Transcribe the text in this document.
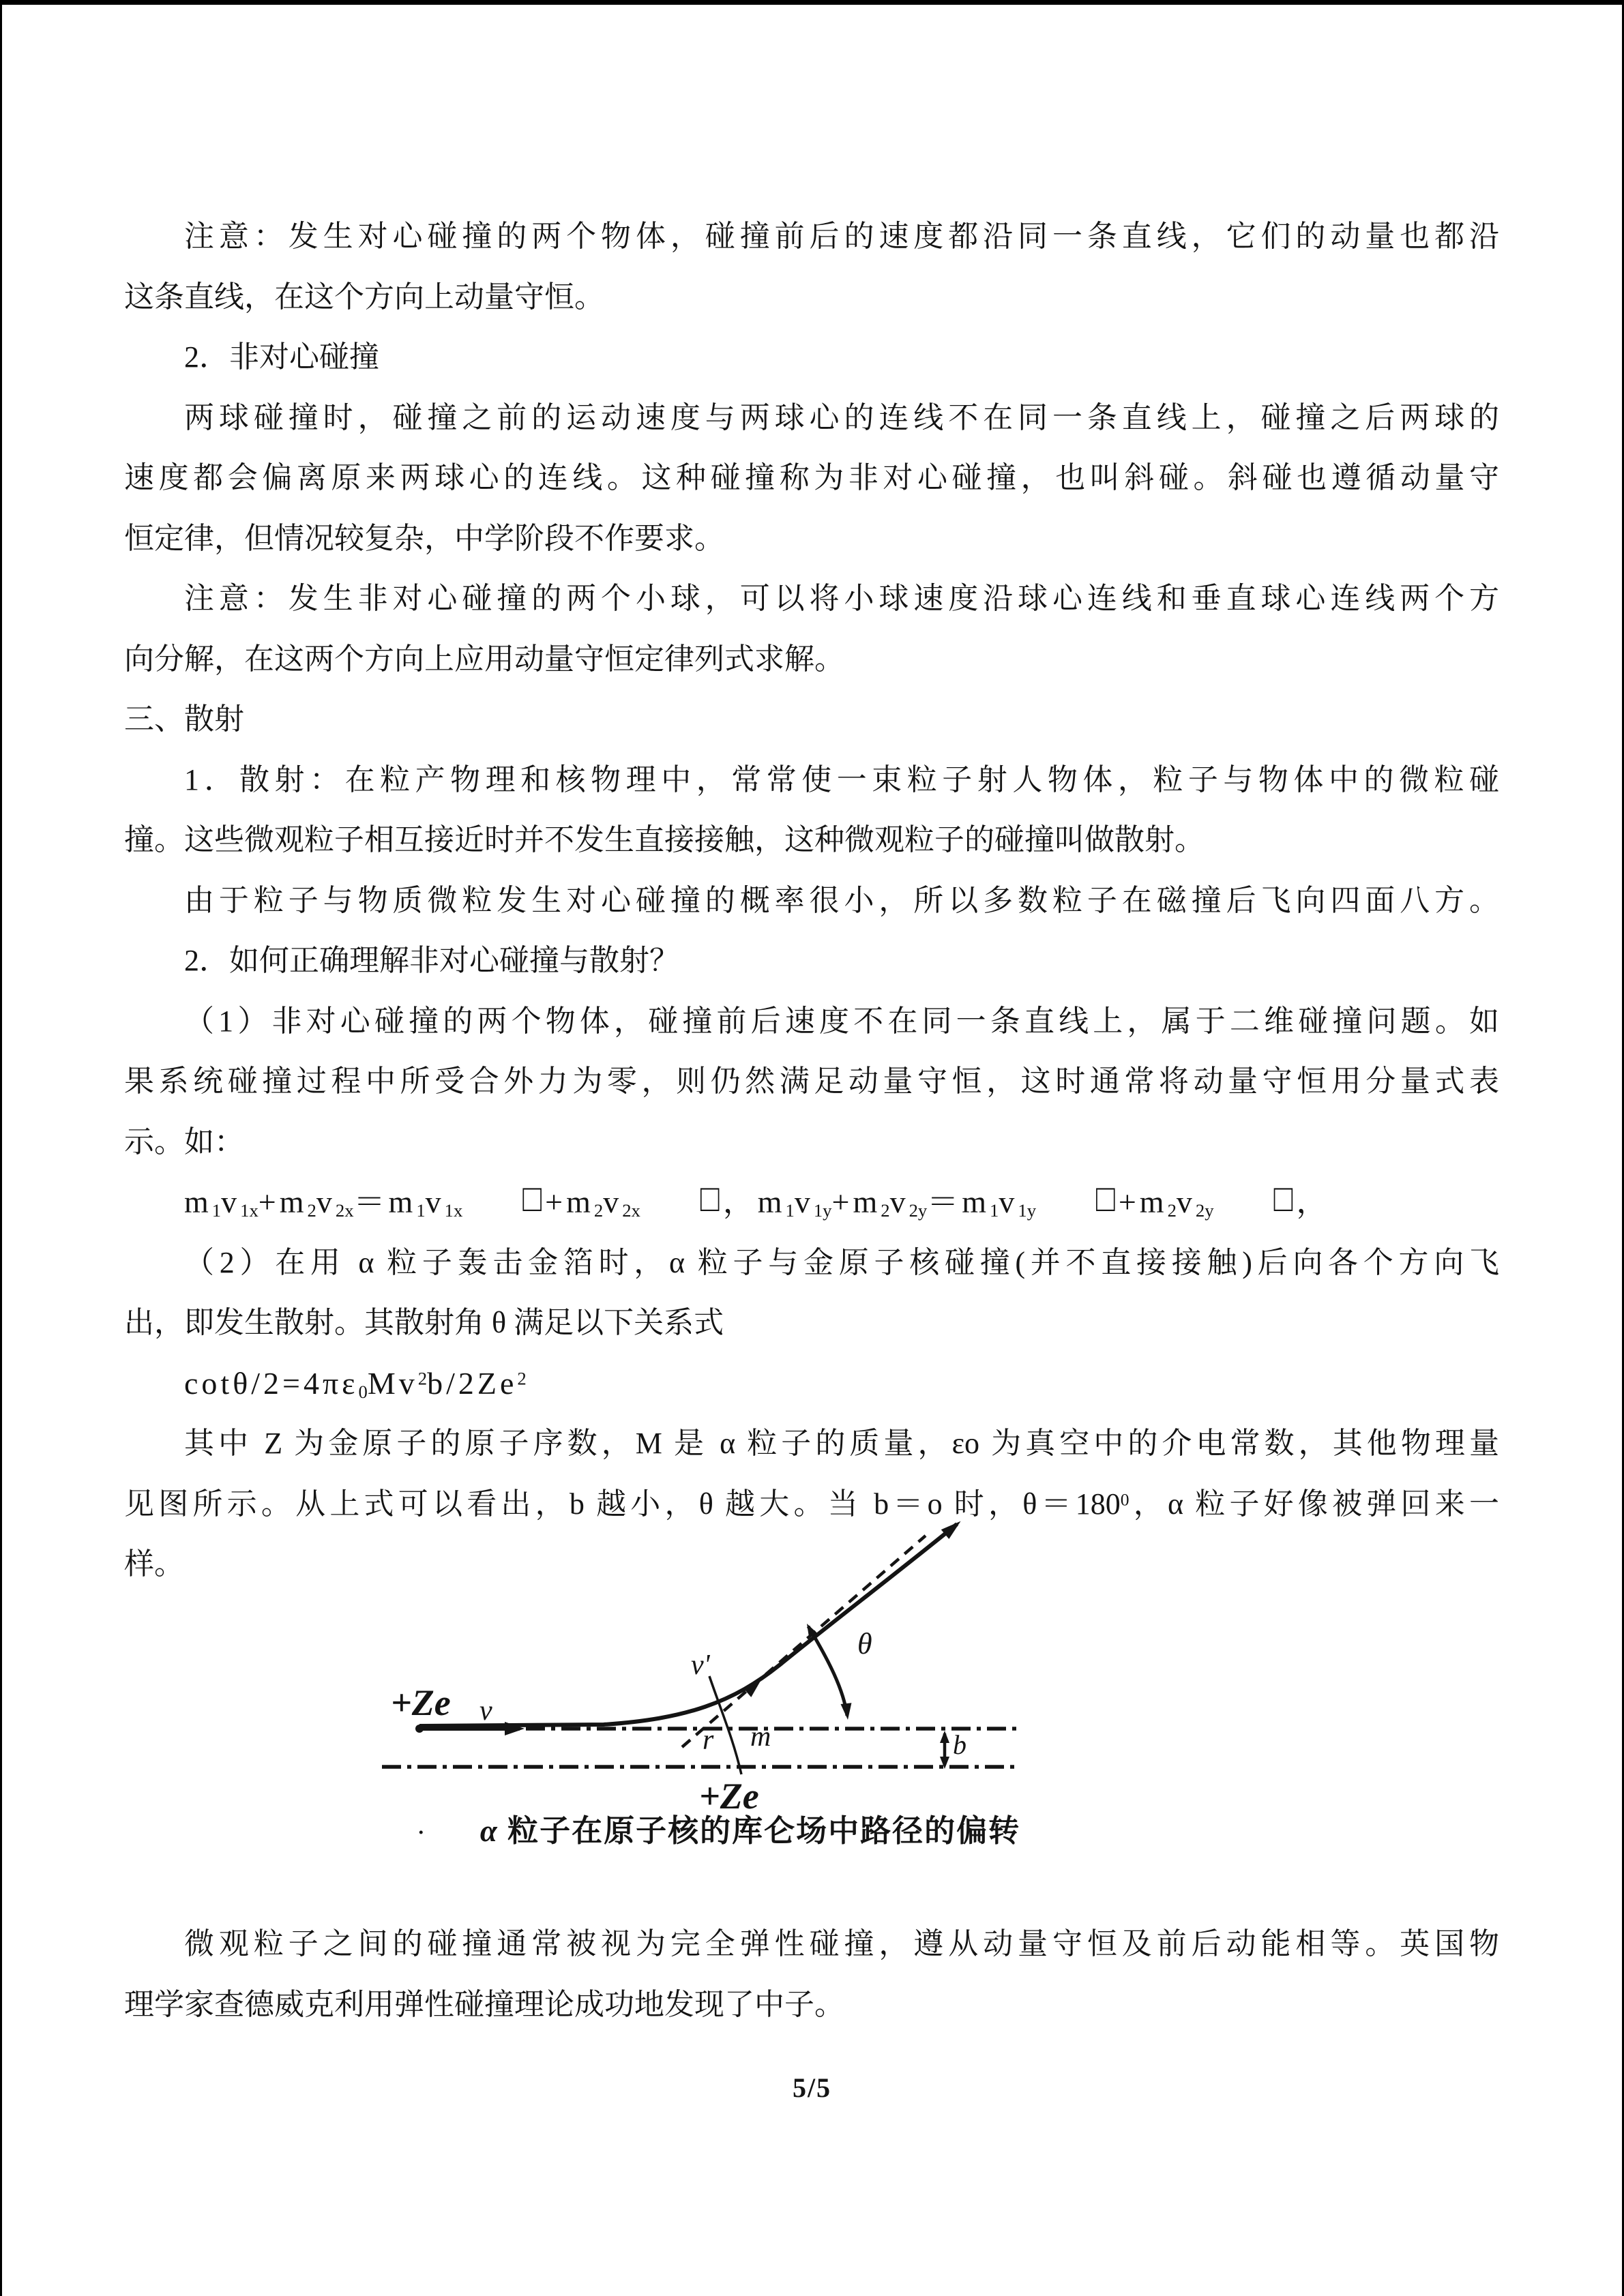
注意：发生对心碰撞的两个物体，碰撞前后的速度都沿同一条直线，它们的动量也都沿
这条直线，在这个方向上动量守恒。
2．非对心碰撞
两球碰撞时，碰撞之前的运动速度与两球心的连线不在同一条直线上，碰撞之后两球的
速度都会偏离原来两球心的连线。这种碰撞称为非对心碰撞，也叫斜碰。斜碰也遵循动量守
恒定律，但情况较复杂，中学阶段不作要求。
注意：发生非对心碰撞的两个小球，可以将小球速度沿球心连线和垂直球心连线两个方
向分解，在这两个方向上应用动量守恒定律列式求解。
三、散射
1．散射：在粒产物理和核物理中，常常使一束粒子射人物体，粒子与物体中的微粒碰
撞。这些微观粒子相互接近时并不发生直接接触，这种微观粒子的碰撞叫做散射。
由于粒子与物质微粒发生对心碰撞的概率很小，所以多数粒子在磁撞后飞向四面八方。
2．如何正确理解非对心碰撞与散射？
（1）非对心碰撞的两个物体，碰撞前后速度不在同一条直线上，属于二维碰撞问题。如
果系统碰撞过程中所受合外力为零，则仍然满足动量守恒，这时通常将动量守恒用分量式表
示。如：
$m_1v_{1x}+m_2v_{2x}=m_1v_{1x}$ $□+m_2v_{2x}$ □，$m_1v_{1y}+m_2v_{2y}=m_1v_{1y}$ $□+m_2v_{2y}$ □，
（2）在用 α 粒子轰击金箔时，α 粒子与金原子核碰撞(并不直接接触)后向各个方向飞
出，即发生散射。其散射角 θ 满足以下关系式
cotθ/$2=4\pi\varepsilon_0Mv^2b/2Ze^2$
其中 Z 为金原子的原子序数，M 是 α 粒子的质量，εo 为真空中的介电常数，其他物理量
见图所示。从上式可以看出，b 越小，θ 越大。当 b＝o 时，$\theta=180^0$，α 粒子好像被弹回来一
样。
+Ze v
v'
θ
r m
+Ze
b
.	α 粒子在原子核的库仑场中路径的偏转
微观粒子之间的碰撞通常被视为完全弹性碰撞，遵从动量守恒及前后动能相等。英国物
理学家查德威克利用弹性碰撞理论成功地发现了中子。
5/5
